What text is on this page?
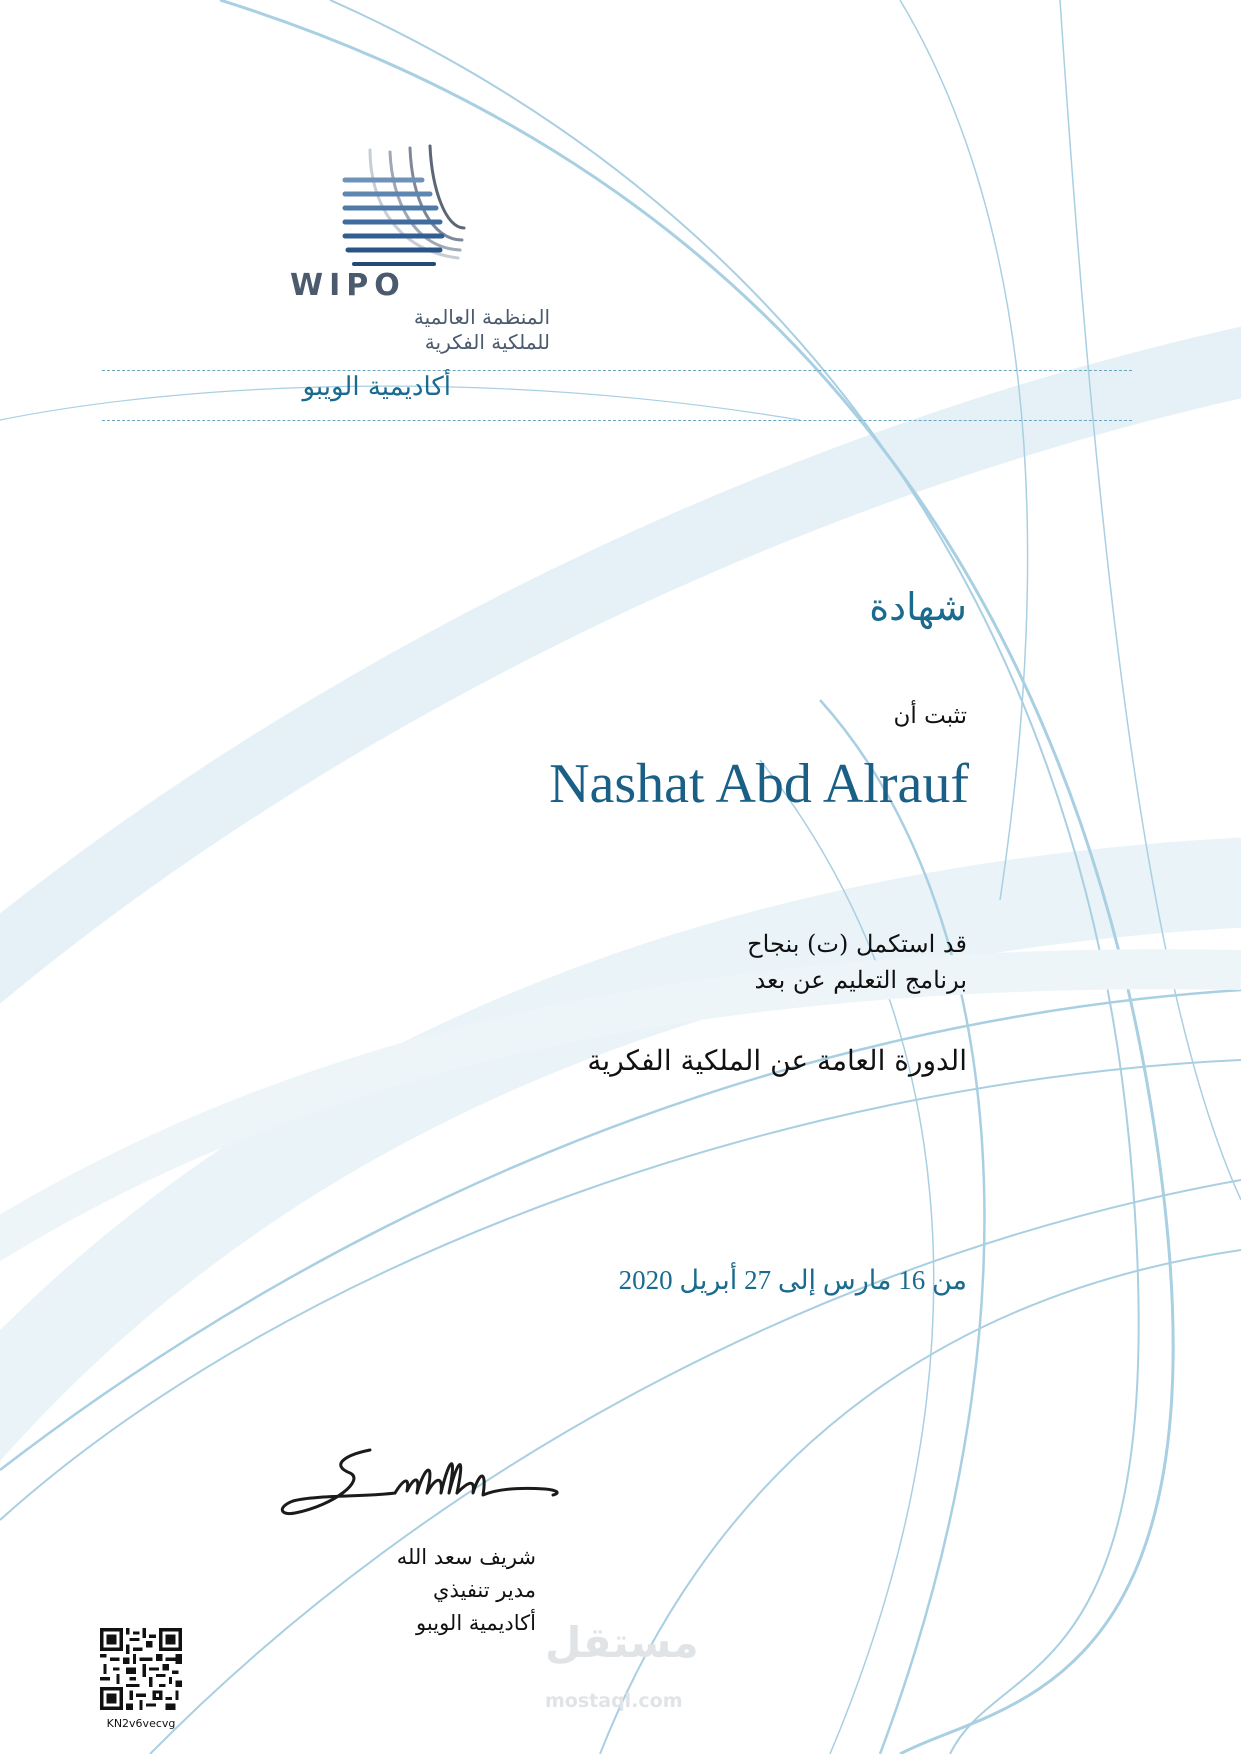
WIPO
المنظمة العالمية
للملكية الفكرية
أكاديمية الويبو
شهادة
تثبت أن
Nashat Abd Alrauf
قد استكمل (ت) بنجاح
برنامج التعليم عن بعد
الدورة العامة عن الملكية الفكرية
من 16 مارس إلى 27 أبريل 2020
شريف سعد الله
مدير تنفيذي
أكاديمية الويبو
KN2v6vecvg
مستقل
mostaql.com
